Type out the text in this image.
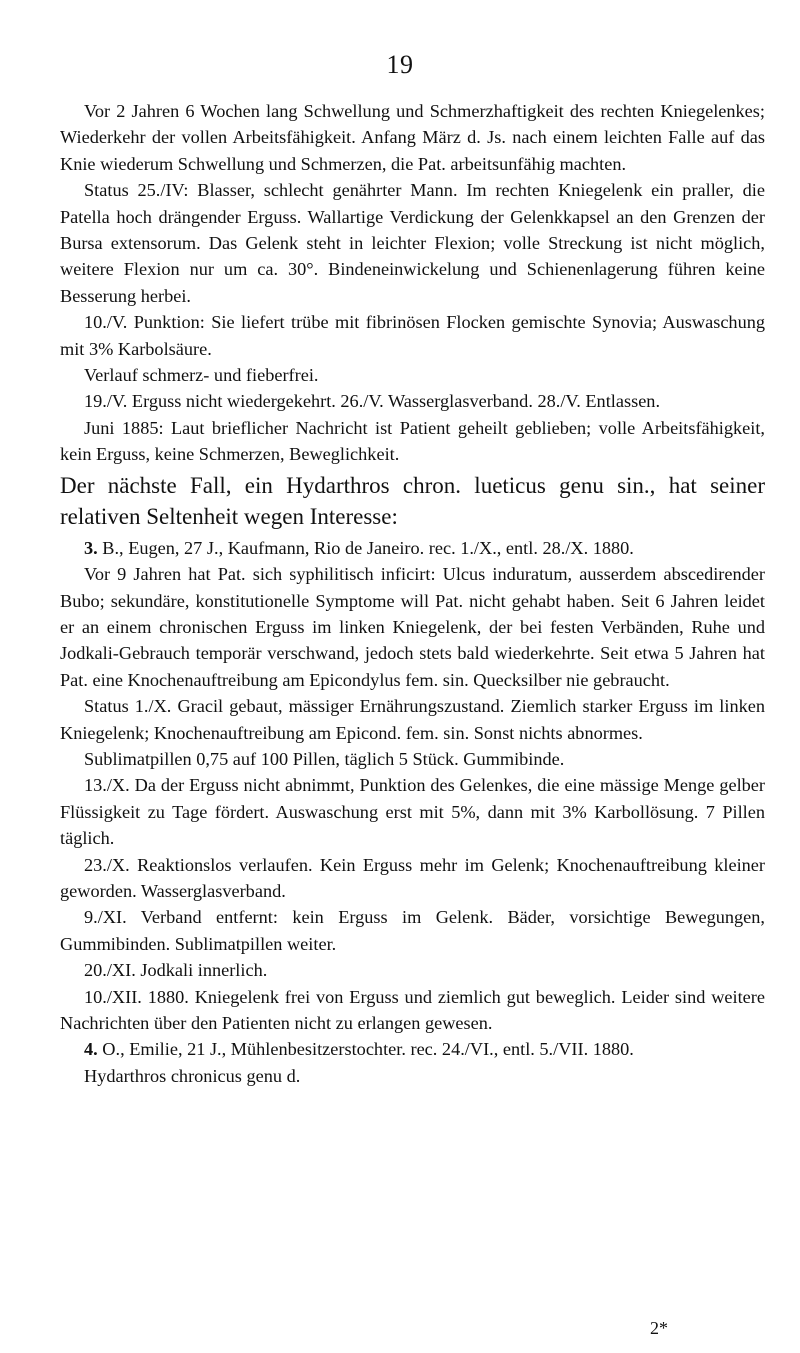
19

Vor 2 Jahren 6 Wochen lang Schwellung und Schmerzhaftigkeit des rechten Kniegelenkes; Wiederkehr der vollen Arbeitsfähigkeit. Anfang März d. Js. nach einem leichten Falle auf das Knie wiederum Schwellung und Schmerzen, die Pat. arbeitsunfähig machten.

Status 25./IV: Blasser, schlecht genährter Mann. Im rechten Kniegelenk ein praller, die Patella hoch drängender Erguss. Wallartige Verdickung der Gelenkkapsel an den Grenzen der Bursa extensorum. Das Gelenk steht in leichter Flexion; volle Streckung ist nicht möglich, weitere Flexion nur um ca. 30°. Bindeneinwickelung und Schienenlagerung führen keine Besserung herbei.

10./V. Punktion: Sie liefert trübe mit fibrinösen Flocken gemischte Synovia; Auswaschung mit 3% Karbolsäure.

Verlauf schmerz- und fieberfrei.

19./V. Erguss nicht wiedergekehrt. 26./V. Wasserglasverband. 28./V. Entlassen.

Juni 1885: Laut brieflicher Nachricht ist Patient geheilt geblieben; volle Arbeitsfähigkeit, kein Erguss, keine Schmerzen, Beweglichkeit.

Der nächste Fall, ein Hydarthros chron. lueticus genu sin., hat seiner relativen Seltenheit wegen Interesse:

3. B., Eugen, 27 J., Kaufmann, Rio de Janeiro. rec. 1./X., entl. 28./X. 1880.

Vor 9 Jahren hat Pat. sich syphilitisch inficirt: Ulcus induratum, ausserdem abscedirender Bubo; sekundäre, konstitutionelle Symptome will Pat. nicht gehabt haben. Seit 6 Jahren leidet er an einem chronischen Erguss im linken Kniegelenk, der bei festen Verbänden, Ruhe und Jodkali-Gebrauch temporär verschwand, jedoch stets bald wiederkehrte. Seit etwa 5 Jahren hat Pat. eine Knochenauftreibung am Epicondylus fem. sin. Quecksilber nie gebraucht.

Status 1./X. Gracil gebaut, mässiger Ernährungszustand. Ziemlich starker Erguss im linken Kniegelenk; Knochenauftreibung am Epicond. fem. sin. Sonst nichts abnormes.

Sublimatpillen 0,75 auf 100 Pillen, täglich 5 Stück. Gummibinde.

13./X. Da der Erguss nicht abnimmt, Punktion des Gelenkes, die eine mässige Menge gelber Flüssigkeit zu Tage fördert. Auswaschung erst mit 5%, dann mit 3% Karbollösung. 7 Pillen täglich.

23./X. Reaktionslos verlaufen. Kein Erguss mehr im Gelenk; Knochenauftreibung kleiner geworden. Wasserglasverband.

9./XI. Verband entfernt: kein Erguss im Gelenk. Bäder, vorsichtige Bewegungen, Gummibinden. Sublimatpillen weiter.

20./XI. Jodkali innerlich.

10./XII. 1880. Kniegelenk frei von Erguss und ziemlich gut beweglich. Leider sind weitere Nachrichten über den Patienten nicht zu erlangen gewesen.

4. O., Emilie, 21 J., Mühlenbesitzerstochter. rec. 24./VI., entl. 5./VII. 1880.

Hydarthros chronicus genu d.

2*
